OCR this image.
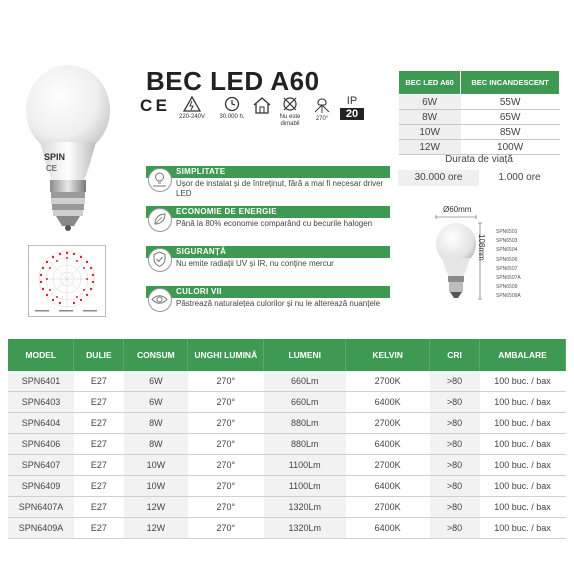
SPIN
CE
BEC LED A60
C E
220-240V	30.000 h.	Nu este dimabil
270°
IP
20
BEC LED A60	BEC INCANDESCENT
6W	55W
8W	65W
10W	85W
12W	100W
Durata de viață
30.000 ore	1.000 ore
SIMPLITATE
Ușor de instalat și de întreținut, fără a mai fi necesar driver LED
ECONOMIE DE ENERGIE
Până la 80% economie comparând cu becurile halogen
SIGURANȚĂ
Nu emite radiații UV și IR, nu conține mercur
CULORI VII
Păstrează naturalețea culorilor și nu le alterează nuanțele
Ø60mm
108mm
SPN6501
SPN6503
SPN6504
SPN6506
SPN6507
SPN6507A
SPN6509
SPN6509A
MODEL	DULIE	CONSUM	UNGHI LUMINĂ	LUMENI	KELVIN	CRI	AMBALARE
SPN6401	E27	6W	270°	660Lm	2700K	>80	100 buc. / bax
SPN6403	E27	6W	270°	660Lm	6400K	>80	100 buc. / bax
SPN6404	E27	8W	270°	880Lm	2700K	>80	100 buc. / bax
SPN6406	E27	8W	270°	880Lm	6400K	>80	100 buc. / bax
SPN6407	E27	10W	270°	1100Lm	2700K	>80	100 buc. / bax
SPN6409	E27	10W	270°	1100Lm	6400K	>80	100 buc. / bax
SPN6407A	E27	12W	270°	1320Lm	2700K	>80	100 buc. / bax
SPN6409A	E27	12W	270°	1320Lm	6400K	>80	100 buc. / bax
